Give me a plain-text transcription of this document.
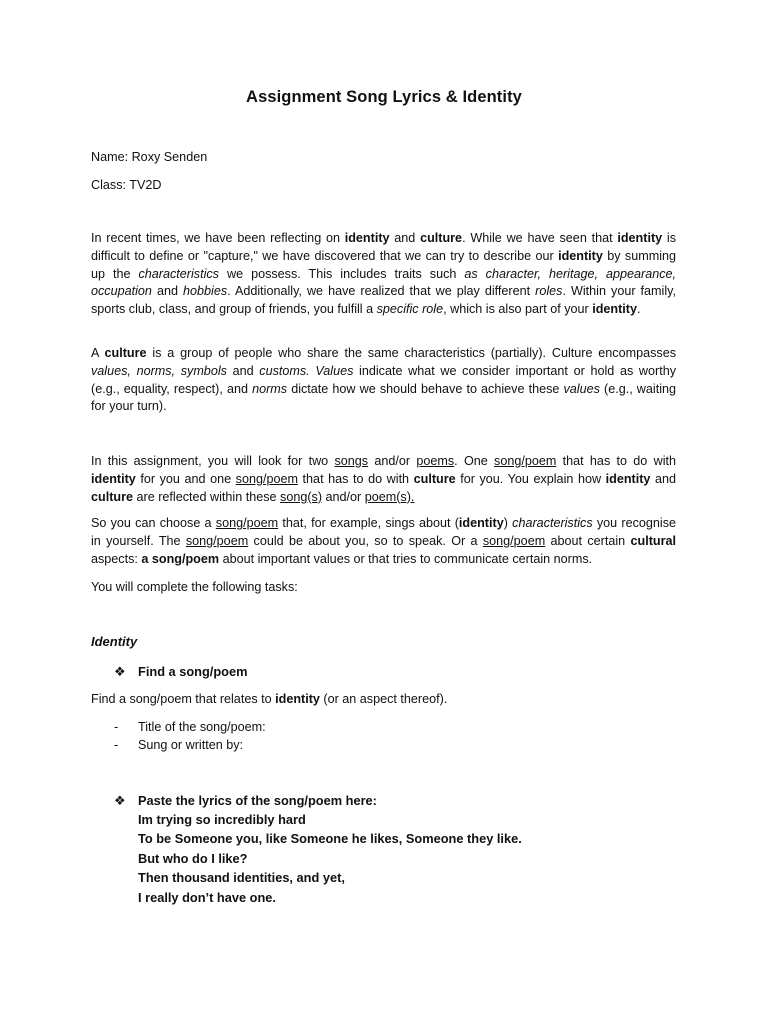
Assignment Song Lyrics & Identity
Name: Roxy Senden
Class: TV2D
In recent times, we have been reflecting on identity and culture. While we have seen that identity is difficult to define or "capture," we have discovered that we can try to describe our identity by summing up the characteristics we possess. This includes traits such as character, heritage, appearance, occupation and hobbies. Additionally, we have realized that we play different roles. Within your family, sports club, class, and group of friends, you fulfill a specific role, which is also part of your identity.
A culture is a group of people who share the same characteristics (partially). Culture encompasses values, norms, symbols and customs. Values indicate what we consider important or hold as worthy (e.g., equality, respect), and norms dictate how we should behave to achieve these values (e.g., waiting for your turn).
In this assignment, you will look for two songs and/or poems. One song/poem that has to do with identity for you and one song/poem that has to do with culture for you. You explain how identity and culture are reflected within these song(s) and/or poem(s).
So you can choose a song/poem that, for example, sings about (identity) characteristics you recognise in yourself. The song/poem could be about you, so to speak. Or a song/poem about certain cultural aspects: a song/poem about important values or that tries to communicate certain norms.
You will complete the following tasks:
Identity
❖ Find a song/poem
Find a song/poem that relates to identity (or an aspect thereof).
- Title of the song/poem:
- Sung or written by:
❖ Paste the lyrics of the song/poem here:
Im trying so incredibly hard
To be Someone you, like Someone he likes, Someone they like.
But who do I like?
Then thousand identities, and yet,
I really don’t have one.
